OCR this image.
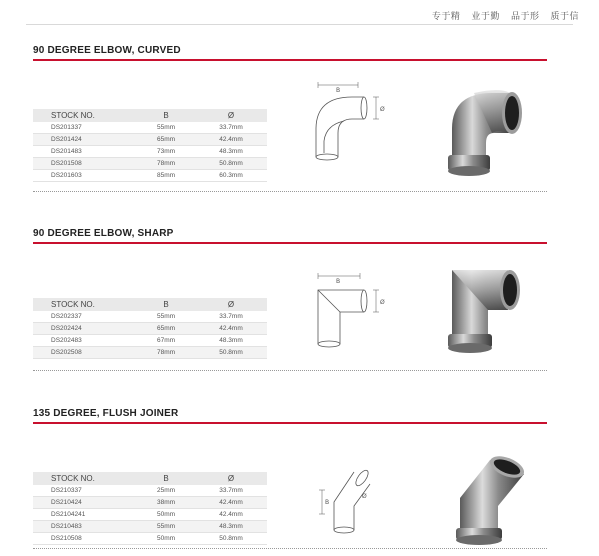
专于精 业于勤 品于形 质于信
90 DEGREE ELBOW, CURVED
STOCK NO.	B	Ø
DS201337	55mm	33.7mm
DS201424	65mm	42.4mm
DS201483	73mm	48.3mm
DS201508	78mm	50.8mm
DS201603	85mm	60.3mm
B
Ø
90 DEGREE ELBOW, SHARP
STOCK NO.	B	Ø
DS202337	55mm	33.7mm
DS202424	65mm	42.4mm
DS202483	67mm	48.3mm
DS202508	78mm	50.8mm
B
Ø
135 DEGREE, FLUSH JOINER
STOCK NO.	B	Ø
DS210337	25mm	33.7mm
DS210424	38mm	42.4mm
DS2104241	50mm	42.4mm
DS210483	55mm	48.3mm
DS210508	50mm	50.8mm
B
Ø
